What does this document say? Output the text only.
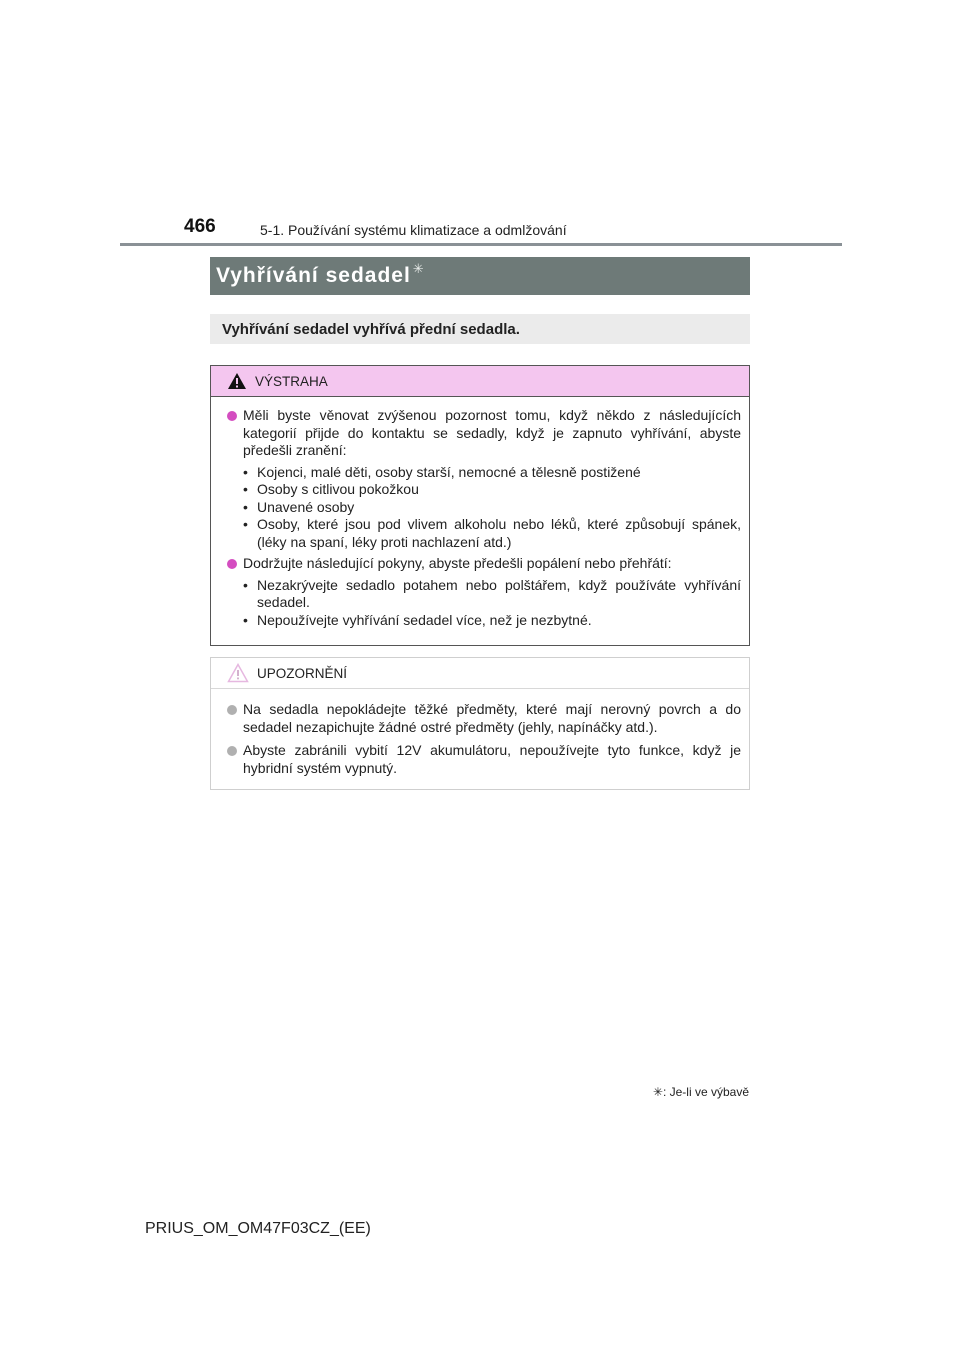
466	5-1. Používání systému klimatizace a odmlžování
Vyhřívání sedadel ✳
Vyhřívání sedadel vyhřívá přední sedadla.
VÝSTRAHA
Měli byste věnovat zvýšenou pozornost tomu, když někdo z následujících kategorií přijde do kontaktu se sedadly, když je zapnuto vyhřívání, abyste předešli zranění:
• Kojenci, malé děti, osoby starší, nemocné a tělesně postižené
• Osoby s citlivou pokožkou
• Unavené osoby
• Osoby, které jsou pod vlivem alkoholu nebo léků, které způsobují spánek, (léky na spaní, léky proti nachlazení atd.)
Dodržujte následující pokyny, abyste předešli popálení nebo přehřátí:
• Nezakrývejte sedadlo potahem nebo polštářem, když používáte vyhřívání sedadel.
• Nepoužívejte vyhřívání sedadel více, než je nezbytné.
UPOZORNĚNÍ
Na sedadla nepokládejte těžké předměty, které mají nerovný povrch a do sedadel nezapichujte žádné ostré předměty (jehly, napínáčky atd.).
Abyste zabránili vybití 12V akumulátoru, nepoužívejte tyto funkce, když je hybridní systém vypnutý.
✳: Je-li ve výbavě
PRIUS_OM_OM47F03CZ_(EE)
